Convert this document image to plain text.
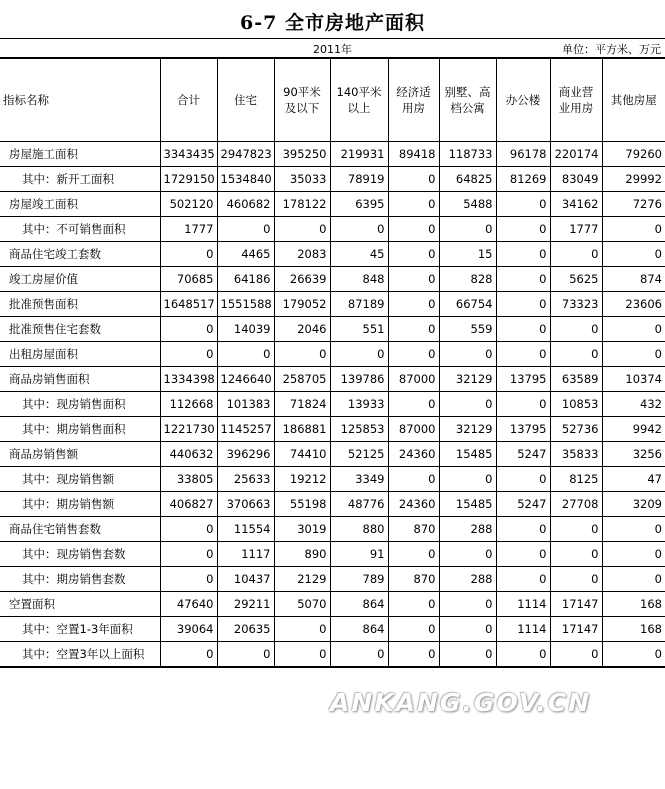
6-7 全市房地产面积
2011年	单位：平方米、万元
指标名称	合计	住宅	90平米及以下	140平米以上	经济适用房	别墅、高档公寓	办公楼	商业营业用房	其他房屋
房屋施工面积	3343435	2947823	395250	219931	89418	118733	96178	220174	79260
其中：新开工面积	1729150	1534840	35033	78919	0	64825	81269	83049	29992
房屋竣工面积	502120	460682	178122	6395	0	5488	0	34162	7276
其中：不可销售面积	1777	0	0	0	0	0	0	1777	0
商品住宅竣工套数	0	4465	2083	45	0	15	0	0	0
竣工房屋价值	70685	64186	26639	848	0	828	0	5625	874
批准预售面积	1648517	1551588	179052	87189	0	66754	0	73323	23606
批准预售住宅套数	0	14039	2046	551	0	559	0	0	0
出租房屋面积	0	0	0	0	0	0	0	0	0
商品房销售面积	1334398	1246640	258705	139786	87000	32129	13795	63589	10374
其中：现房销售面积	112668	101383	71824	13933	0	0	0	10853	432
其中：期房销售面积	1221730	1145257	186881	125853	87000	32129	13795	52736	9942
商品房销售额	440632	396296	74410	52125	24360	15485	5247	35833	3256
其中：现房销售额	33805	25633	19212	3349	0	0	0	8125	47
其中：期房销售额	406827	370663	55198	48776	24360	15485	5247	27708	3209
商品住宅销售套数	0	11554	3019	880	870	288	0	0	0
其中：现房销售套数	0	1117	890	91	0	0	0	0	0
其中：期房销售套数	0	10437	2129	789	870	288	0	0	0
空置面积	47640	29211	5070	864	0	0	1114	17147	168
其中：空置1-3年面积	39064	20635	0	864	0	0	1114	17147	168
其中：空置3年以上面积	0	0	0	0	0	0	0	0	0
ANKANG.GOV.CN
